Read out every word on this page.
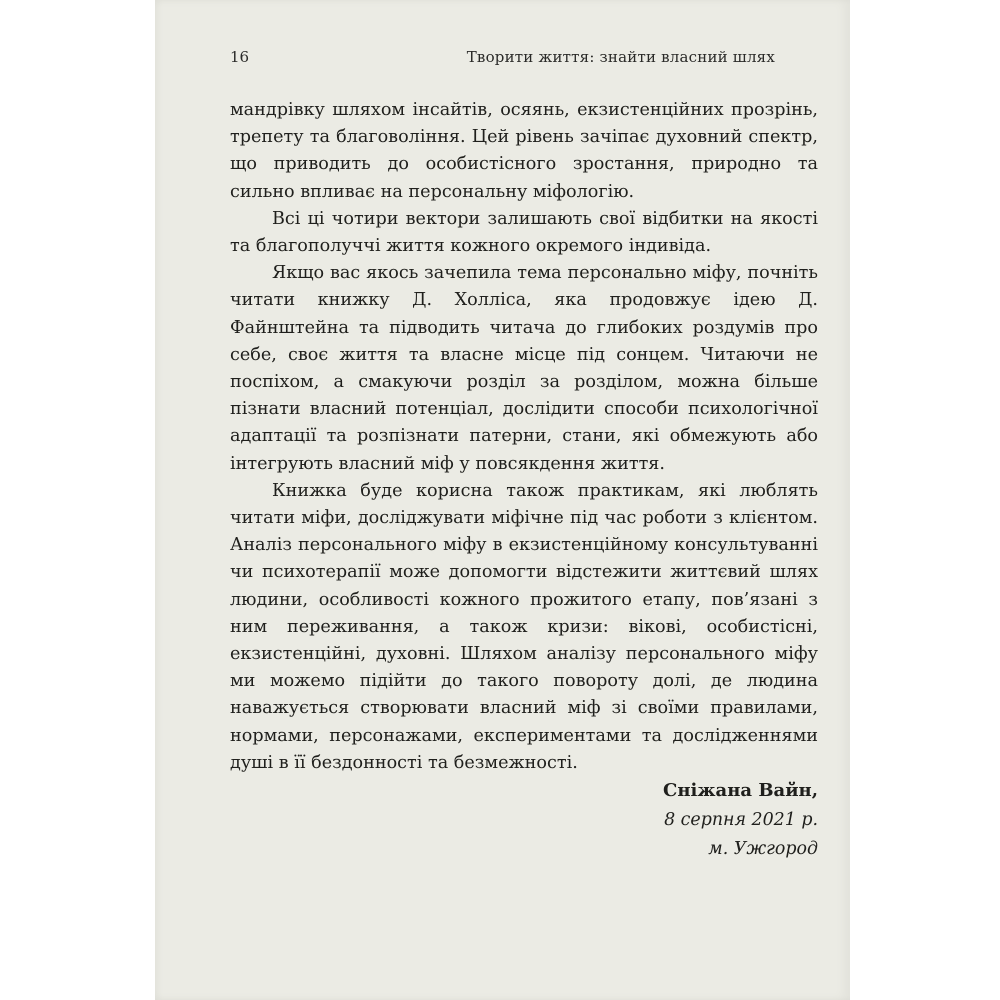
16	Творити життя: знайти власний шлях

мандрівку шляхом інсайтів, осяянь, екзистенційних прозрінь, трепету та благовоління. Цей рівень зачіпає духовний спектр, що приводить до особистісного зростання, природно та сильно впливає на персональну міфологію.

Всі ці чотири вектори залишають свої відбитки на якості та благополуччі життя кожного окремого індивіда.

Якщо вас якось зачепила тема персонально міфу, почніть читати книжку Д. Холліса, яка продовжує ідею Д. Файнштейна та підводить читача до глибоких роздумів про себе, своє життя та власне місце під сонцем. Читаючи не поспіхом, а смакуючи розділ за розділом, можна більше пізнати власний потенціал, дослідити способи психологічної адаптації та розпізнати патерни, стани, які обмежують або інтегрують власний міф у повсякдення життя.

Книжка буде корисна також практикам, які люблять читати міфи, досліджувати міфічне під час роботи з клієнтом. Аналіз персонального міфу в екзистенційному консультуванні чи психотерапії може допомогти відстежити життєвий шлях людини, особливості кожного прожитого етапу, пов’язані з ним переживання, а також кризи: вікові, особистісні, екзистенційні, духовні. Шляхом аналізу персонального міфу ми можемо підійти до такого повороту долі, де людина наважується створювати власний міф зі своїми правилами, нормами, персонажами, експериментами та дослідженнями душі в її бездонності та безмежності.

Сніжана Вайн,
8 серпня 2021 р.
м. Ужгород
